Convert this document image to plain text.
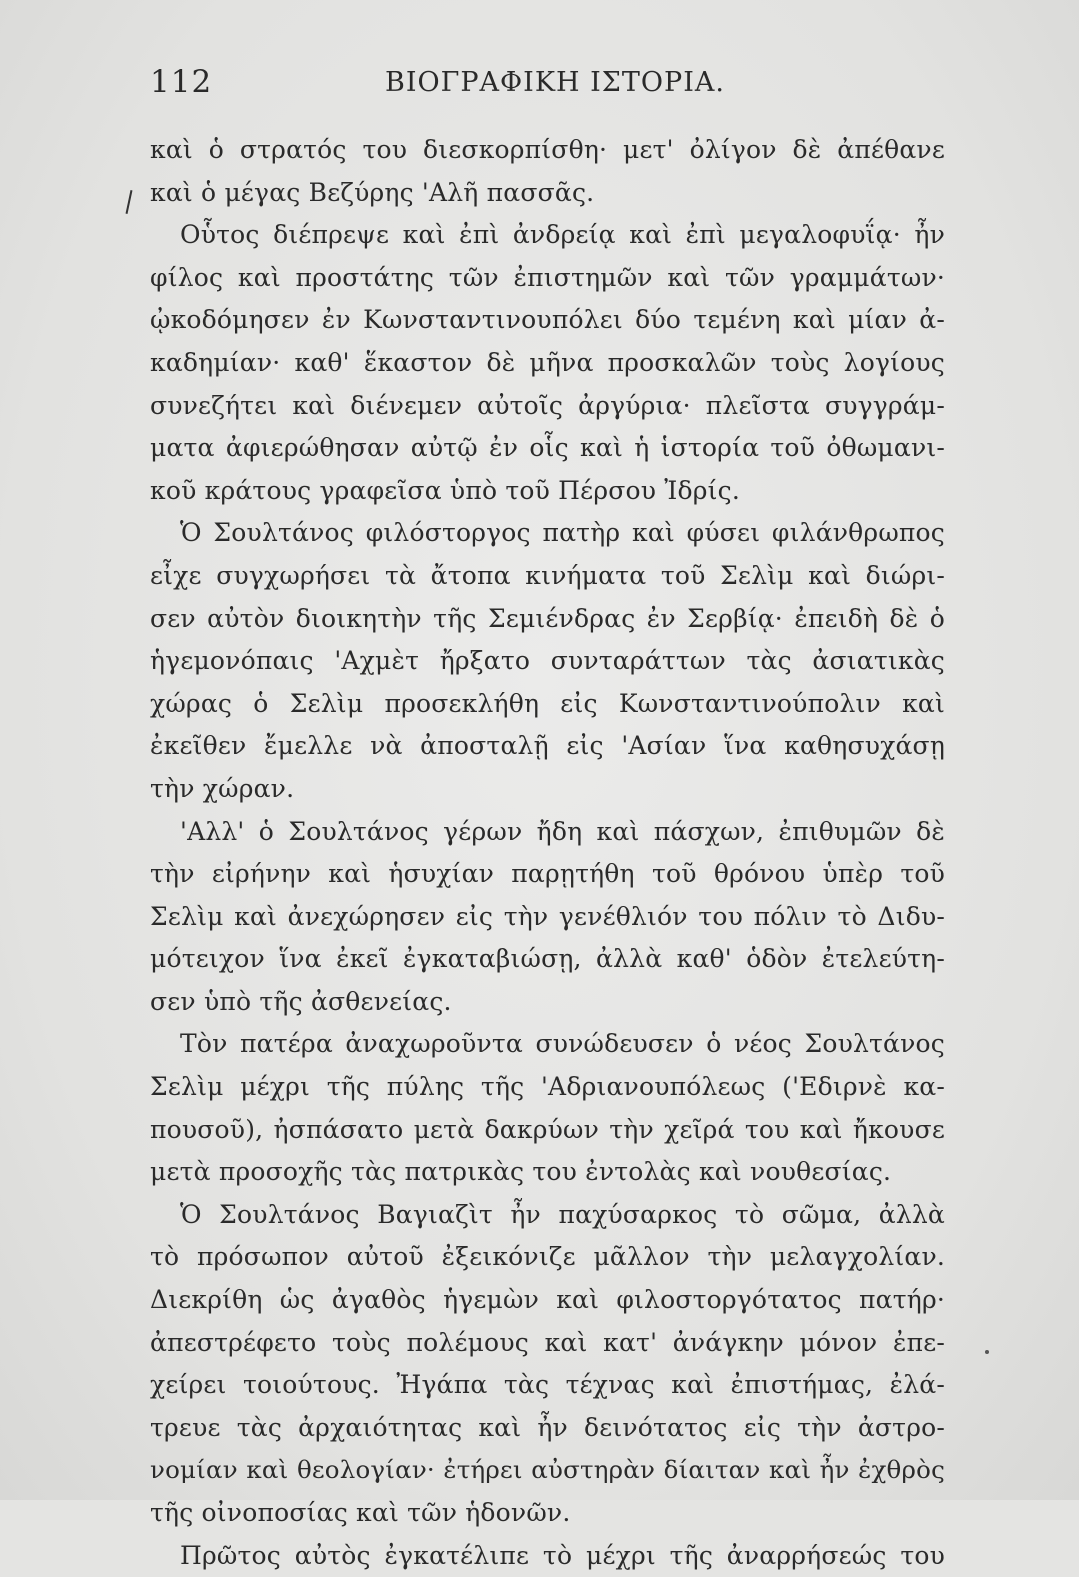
112	ΒΙΟΓΡΑΦΙΚΗ ΙΣΤΟΡΙΑ.
καὶ ὁ στρατός του διεσκορπίσθη· μετ' ὀλίγον δὲ ἀπέθανε
καὶ ὁ μέγας Βεζύρης 'Αλῆ πασσᾶς.
Οὗτος διέπρεψε καὶ ἐπὶ ἀνδρείᾳ καὶ ἐπὶ μεγαλοφυΐᾳ· ἦν
φίλος καὶ προστάτης τῶν ἐπιστημῶν καὶ τῶν γραμμάτων·
ᾠκοδόμησεν ἐν Κωνσταντινουπόλει δύο τεμένη καὶ μίαν ἀ-
καδημίαν· καθ' ἕκαστον δὲ μῆνα προσκαλῶν τοὺς λογίους
συνεζήτει καὶ διένεμεν αὐτοῖς ἀργύρια· πλεῖστα συγγράμ-
ματα ἀφιερώθησαν αὐτῷ ἐν οἷς καὶ ἡ ἱστορία τοῦ ὀθωμανι-
κοῦ κράτους γραφεῖσα ὑπὸ τοῦ Πέρσου Ἰδρίς.
Ὁ Σουλτάνος φιλόστοργος πατὴρ καὶ φύσει φιλάνθρωπος
εἶχε συγχωρήσει τὰ ἄτοπα κινήματα τοῦ Σελὶμ καὶ διώρι-
σεν αὐτὸν διοικητὴν τῆς Σεμιένδρας ἐν Σερβίᾳ· ἐπειδὴ δὲ ὁ
ἡγεμονόπαις 'Αχμὲτ ἤρξατο συνταράττων τὰς ἀσιατικὰς
χώρας ὁ Σελὶμ προσεκλήθη εἰς Κωνσταντινούπολιν καὶ
ἐκεῖθεν ἔμελλε νὰ ἀποσταλῇ εἰς 'Ασίαν ἵνα καθησυχάσῃ
τὴν χώραν.
'Αλλ' ὁ Σουλτάνος γέρων ἤδη καὶ πάσχων, ἐπιθυμῶν δὲ
τὴν εἰρήνην καὶ ἡσυχίαν παρῃτήθη τοῦ θρόνου ὑπὲρ τοῦ
Σελὶμ καὶ ἀνεχώρησεν εἰς τὴν γενέθλιόν του πόλιν τὸ Διδυ-
μότειχον ἵνα ἐκεῖ ἐγκαταβιώσῃ, ἀλλὰ καθ' ὁδὸν ἐτελεύτη-
σεν ὑπὸ τῆς ἀσθενείας.
Τὸν πατέρα ἀναχωροῦντα συνώδευσεν ὁ νέος Σουλτάνος
Σελὶμ μέχρι τῆς πύλης τῆς 'Αδριανουπόλεως ('Εδιρνὲ κα-
πουσοῦ), ἠσπάσατο μετὰ δακρύων τὴν χεῖρά του καὶ ἤκουσε
μετὰ προσοχῆς τὰς πατρικὰς του ἐντολὰς καὶ νουθεσίας.
Ὁ Σουλτάνος Βαγιαζὶτ ἦν παχύσαρκος τὸ σῶμα, ἀλλὰ
τὸ πρόσωπον αὐτοῦ ἐξεικόνιζε μᾶλλον τὴν μελαγχολίαν.
Διεκρίθη ὡς ἀγαθὸς ἡγεμὼν καὶ φιλοστοργότατος πατήρ·
ἀπεστρέφετο τοὺς πολέμους καὶ κατ' ἀνάγκην μόνον ἐπε-
χείρει τοιούτους. Ἠγάπα τὰς τέχνας καὶ ἐπιστήμας, ἐλά-
τρευε τὰς ἀρχαιότητας καὶ ἦν δεινότατος εἰς τὴν ἀστρο-
νομίαν καὶ θεολογίαν· ἐτήρει αὐστηρὰν δίαιταν καὶ ἦν ἐχθρὸς
τῆς οἰνοποσίας καὶ τῶν ἡδονῶν.
Πρῶτος αὐτὸς ἐγκατέλιπε τὸ μέχρι τῆς ἀναρρήσεώς του
